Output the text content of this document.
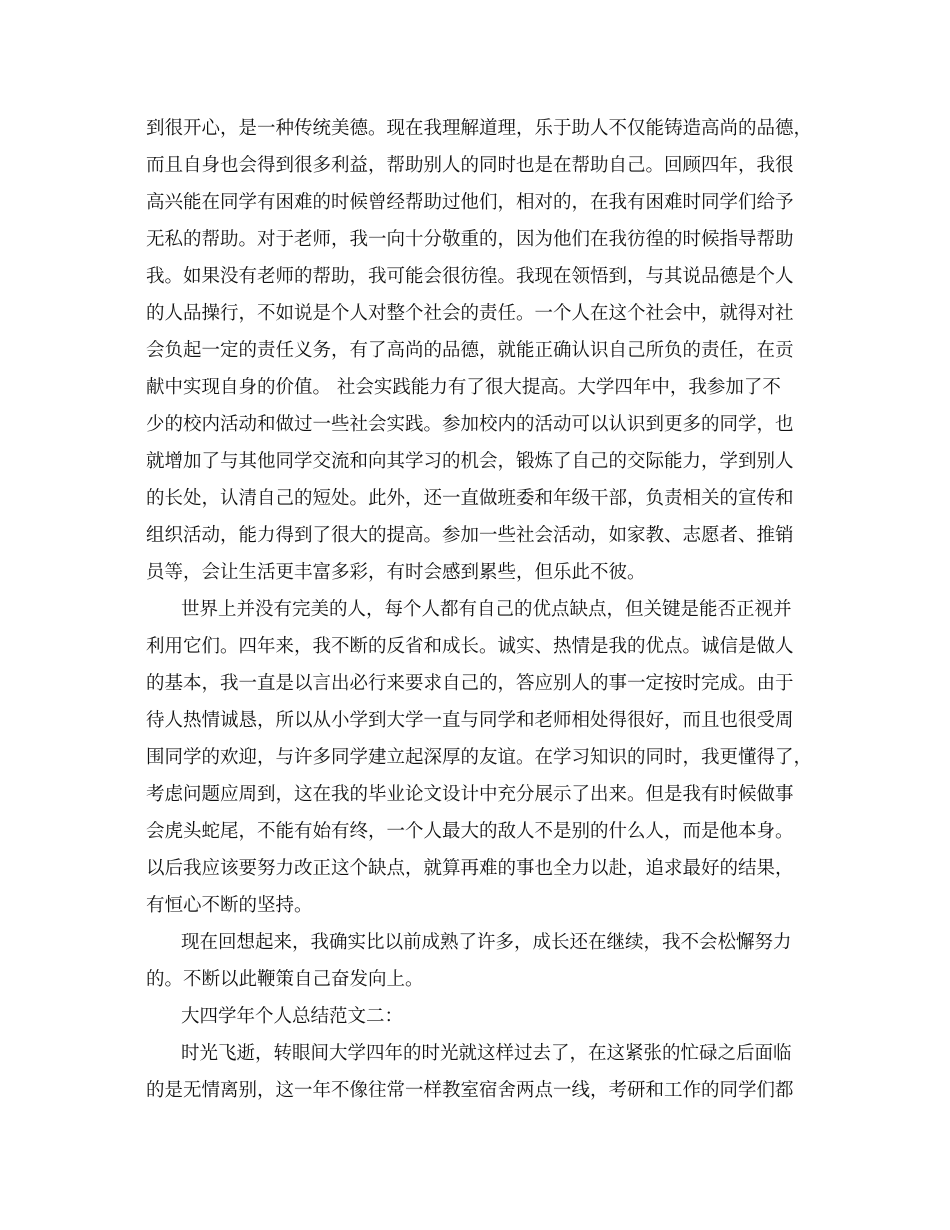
到很开心，是一种传统美德。现在我理解道理，乐于助人不仅能铸造高尚的品德，
而且自身也会得到很多利益，帮助别人的同时也是在帮助自己。回顾四年，我很
高兴能在同学有困难的时候曾经帮助过他们，相对的，在我有困难时同学们给予
无私的帮助。对于老师，我一向十分敬重的，因为他们在我彷徨的时候指导帮助
我。如果没有老师的帮助，我可能会很彷徨。我现在领悟到，与其说品德是个人
的人品操行，不如说是个人对整个社会的责任。一个人在这个社会中，就得对社
会负起一定的责任义务，有了高尚的品德，就能正确认识自己所负的责任，在贡
献中实现自身的价值。 社会实践能力有了很大提高。大学四年中，我参加了不
少的校内活动和做过一些社会实践。参加校内的活动可以认识到更多的同学，也
就增加了与其他同学交流和向其学习的机会，锻炼了自己的交际能力，学到别人
的长处，认清自己的短处。此外，还一直做班委和年级干部，负责相关的宣传和
组织活动，能力得到了很大的提高。参加一些社会活动，如家教、志愿者、推销
员等，会让生活更丰富多彩，有时会感到累些，但乐此不彼。
世界上并没有完美的人，每个人都有自己的优点缺点，但关键是能否正视并
利用它们。四年来，我不断的反省和成长。诚实、热情是我的优点。诚信是做人
的基本，我一直是以言出必行来要求自己的，答应别人的事一定按时完成。由于
待人热情诚恳，所以从小学到大学一直与同学和老师相处得很好，而且也很受周
围同学的欢迎，与许多同学建立起深厚的友谊。在学习知识的同时，我更懂得了，
考虑问题应周到，这在我的毕业论文设计中充分展示了出来。但是我有时候做事
会虎头蛇尾，不能有始有终，一个人最大的敌人不是别的什么人，而是他本身。
以后我应该要努力改正这个缺点，就算再难的事也全力以赴，追求最好的结果，
有恒心不断的坚持。
现在回想起来，我确实比以前成熟了许多，成长还在继续，我不会松懈努力
的。不断以此鞭策自己奋发向上。
大四学年个人总结范文二：
时光飞逝，转眼间大学四年的时光就这样过去了，在这紧张的忙碌之后面临
的是无情离别，这一年不像往常一样教室宿舍两点一线，考研和工作的同学们都
